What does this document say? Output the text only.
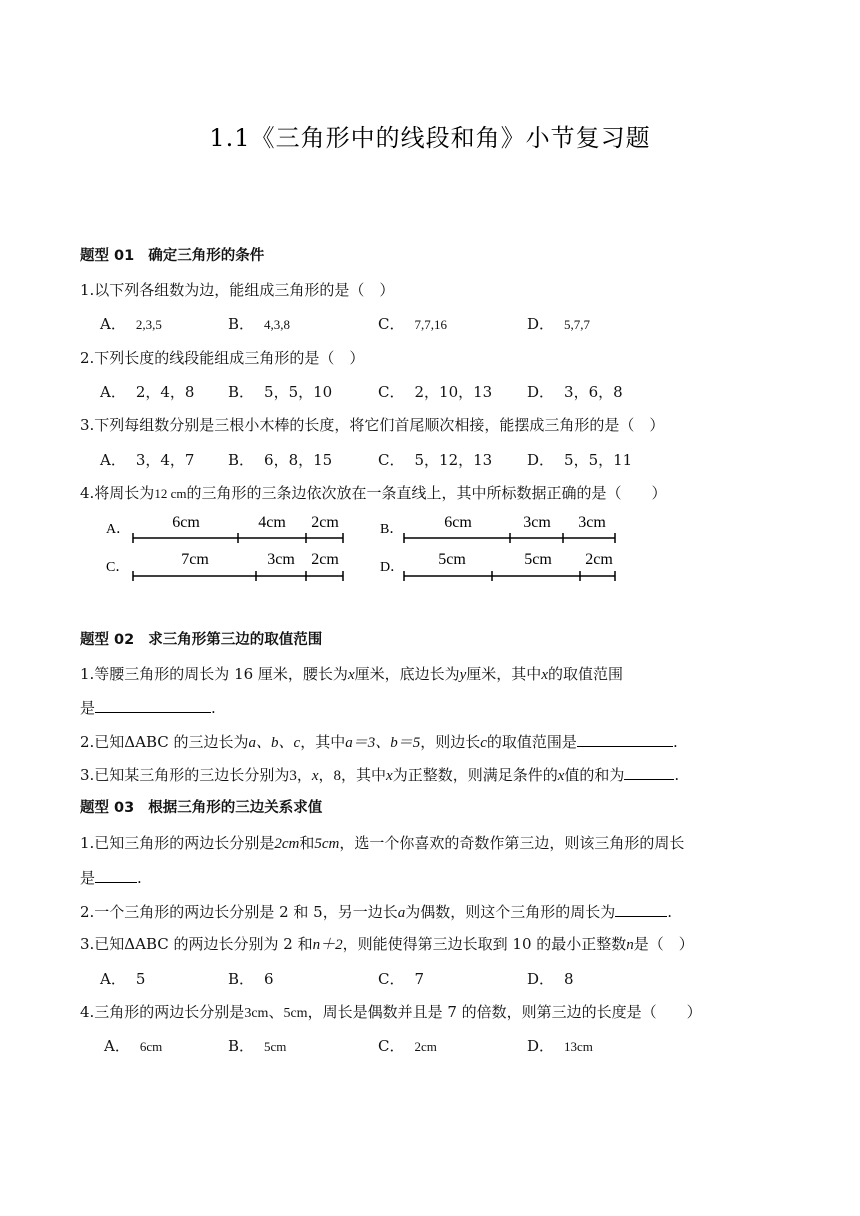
1.1《三角形中的线段和角》小节复习题
题型 01 确定三角形的条件
1.以下列各组数为边，能组成三角形的是（　）
A． 2,3,5	B． 4,3,8	C． 7,7,16	D． 5,7,7
2.下列长度的线段能组成三角形的是（　）
A． 2，4，8 B． 5，5，10	C． 2，10，13 D． 3，6，8
3.下列每组数分别是三根小木棒的长度，将它们首尾顺次相接，能摆成三角形的是（　）
A． 3，4，7 B． 6，8，15	C． 5，12，13 D． 5，5，11
4.将周长为12 cm的三角形的三条边依次放在一条直线上，其中所标数据正确的是（　　）
A．	6cm	4cm 2cm	B．	6cm	3cm 3cm
C．	7cm	3cm 2cm	D． 5cm	5cm 2cm
题型 02 求三角形第三边的取值范围
1.等腰三角形的周长为 16 厘米，腰长为x厘米，底边长为y厘米，其中x的取值范围
是	.
2.已知ΔABC 的三边长为a、b、c，其中a＝3、b＝5，则边长c的取值范围是	.
3.已知某三角形的三边长分别为3，x，8，其中x为正整数，则满足条件的x值的和为	.
题型 03 根据三角形的三边关系求值
1.已知三角形的两边长分别是2cm和5cm，选一个你喜欢的奇数作第三边，则该三角形的周长
是	.
2.一个三角形的两边长分别是 2 和 5，另一边长a为偶数，则这个三角形的周长为	.
3.已知ΔABC 的两边长分别为 2 和n＋2，则能使得第三边长取到 10 的最小正整数n是（　）
A． 5	B． 6	C． 7	D． 8
4.三角形的两边长分别是3cm、5cm，周长是偶数并且是 7 的倍数，则第三边的长度是（　　）
A． 6cm	B． 5cm	C． 2cm	D． 13cm
